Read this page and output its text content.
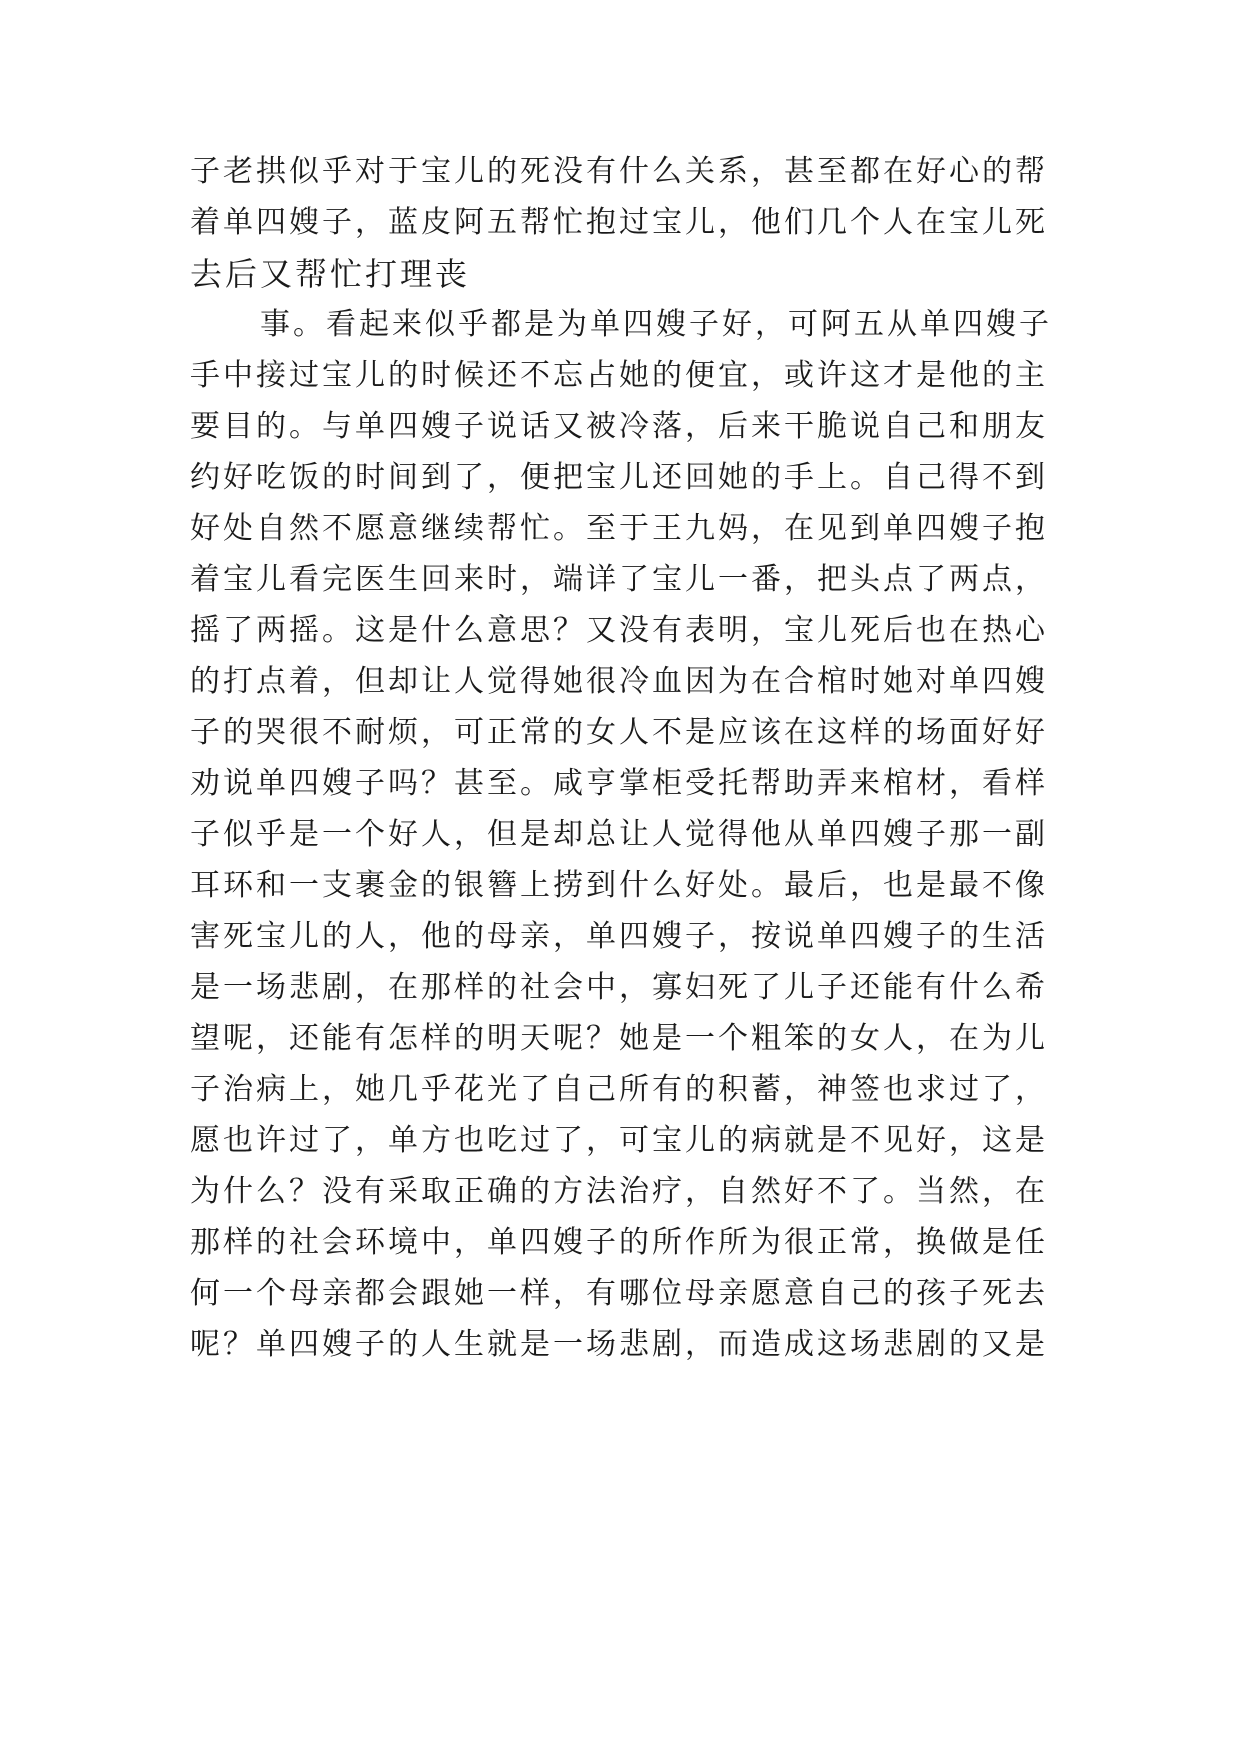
子老拱似乎对于宝儿的死没有什么关系，甚至都在好心的帮
着单四嫂子，蓝皮阿五帮忙抱过宝儿，他们几个人在宝儿死
去后又帮忙打理丧
事。看起来似乎都是为单四嫂子好，可阿五从单四嫂子
手中接过宝儿的时候还不忘占她的便宜，或许这才是他的主
要目的。与单四嫂子说话又被冷落，后来干脆说自己和朋友
约好吃饭的时间到了，便把宝儿还回她的手上。自己得不到
好处自然不愿意继续帮忙。至于王九妈，在见到单四嫂子抱
着宝儿看完医生回来时，端详了宝儿一番，把头点了两点，
摇了两摇。这是什么意思？又没有表明，宝儿死后也在热心
的打点着，但却让人觉得她很冷血因为在合棺时她对单四嫂
子的哭很不耐烦，可正常的女人不是应该在这样的场面好好
劝说单四嫂子吗？甚至。咸亨掌柜受托帮助弄来棺材，看样
子似乎是一个好人，但是却总让人觉得他从单四嫂子那一副
耳环和一支裹金的银簪上捞到什么好处。最后，也是最不像
害死宝儿的人，他的母亲，单四嫂子，按说单四嫂子的生活
是一场悲剧，在那样的社会中，寡妇死了儿子还能有什么希
望呢，还能有怎样的明天呢？她是一个粗笨的女人，在为儿
子治病上，她几乎花光了自己所有的积蓄，神签也求过了，
愿也许过了，单方也吃过了，可宝儿的病就是不见好，这是
为什么？没有采取正确的方法治疗，自然好不了。当然，在
那样的社会环境中，单四嫂子的所作所为很正常，换做是任
何一个母亲都会跟她一样，有哪位母亲愿意自己的孩子死去
呢？单四嫂子的人生就是一场悲剧，而造成这场悲剧的又是
